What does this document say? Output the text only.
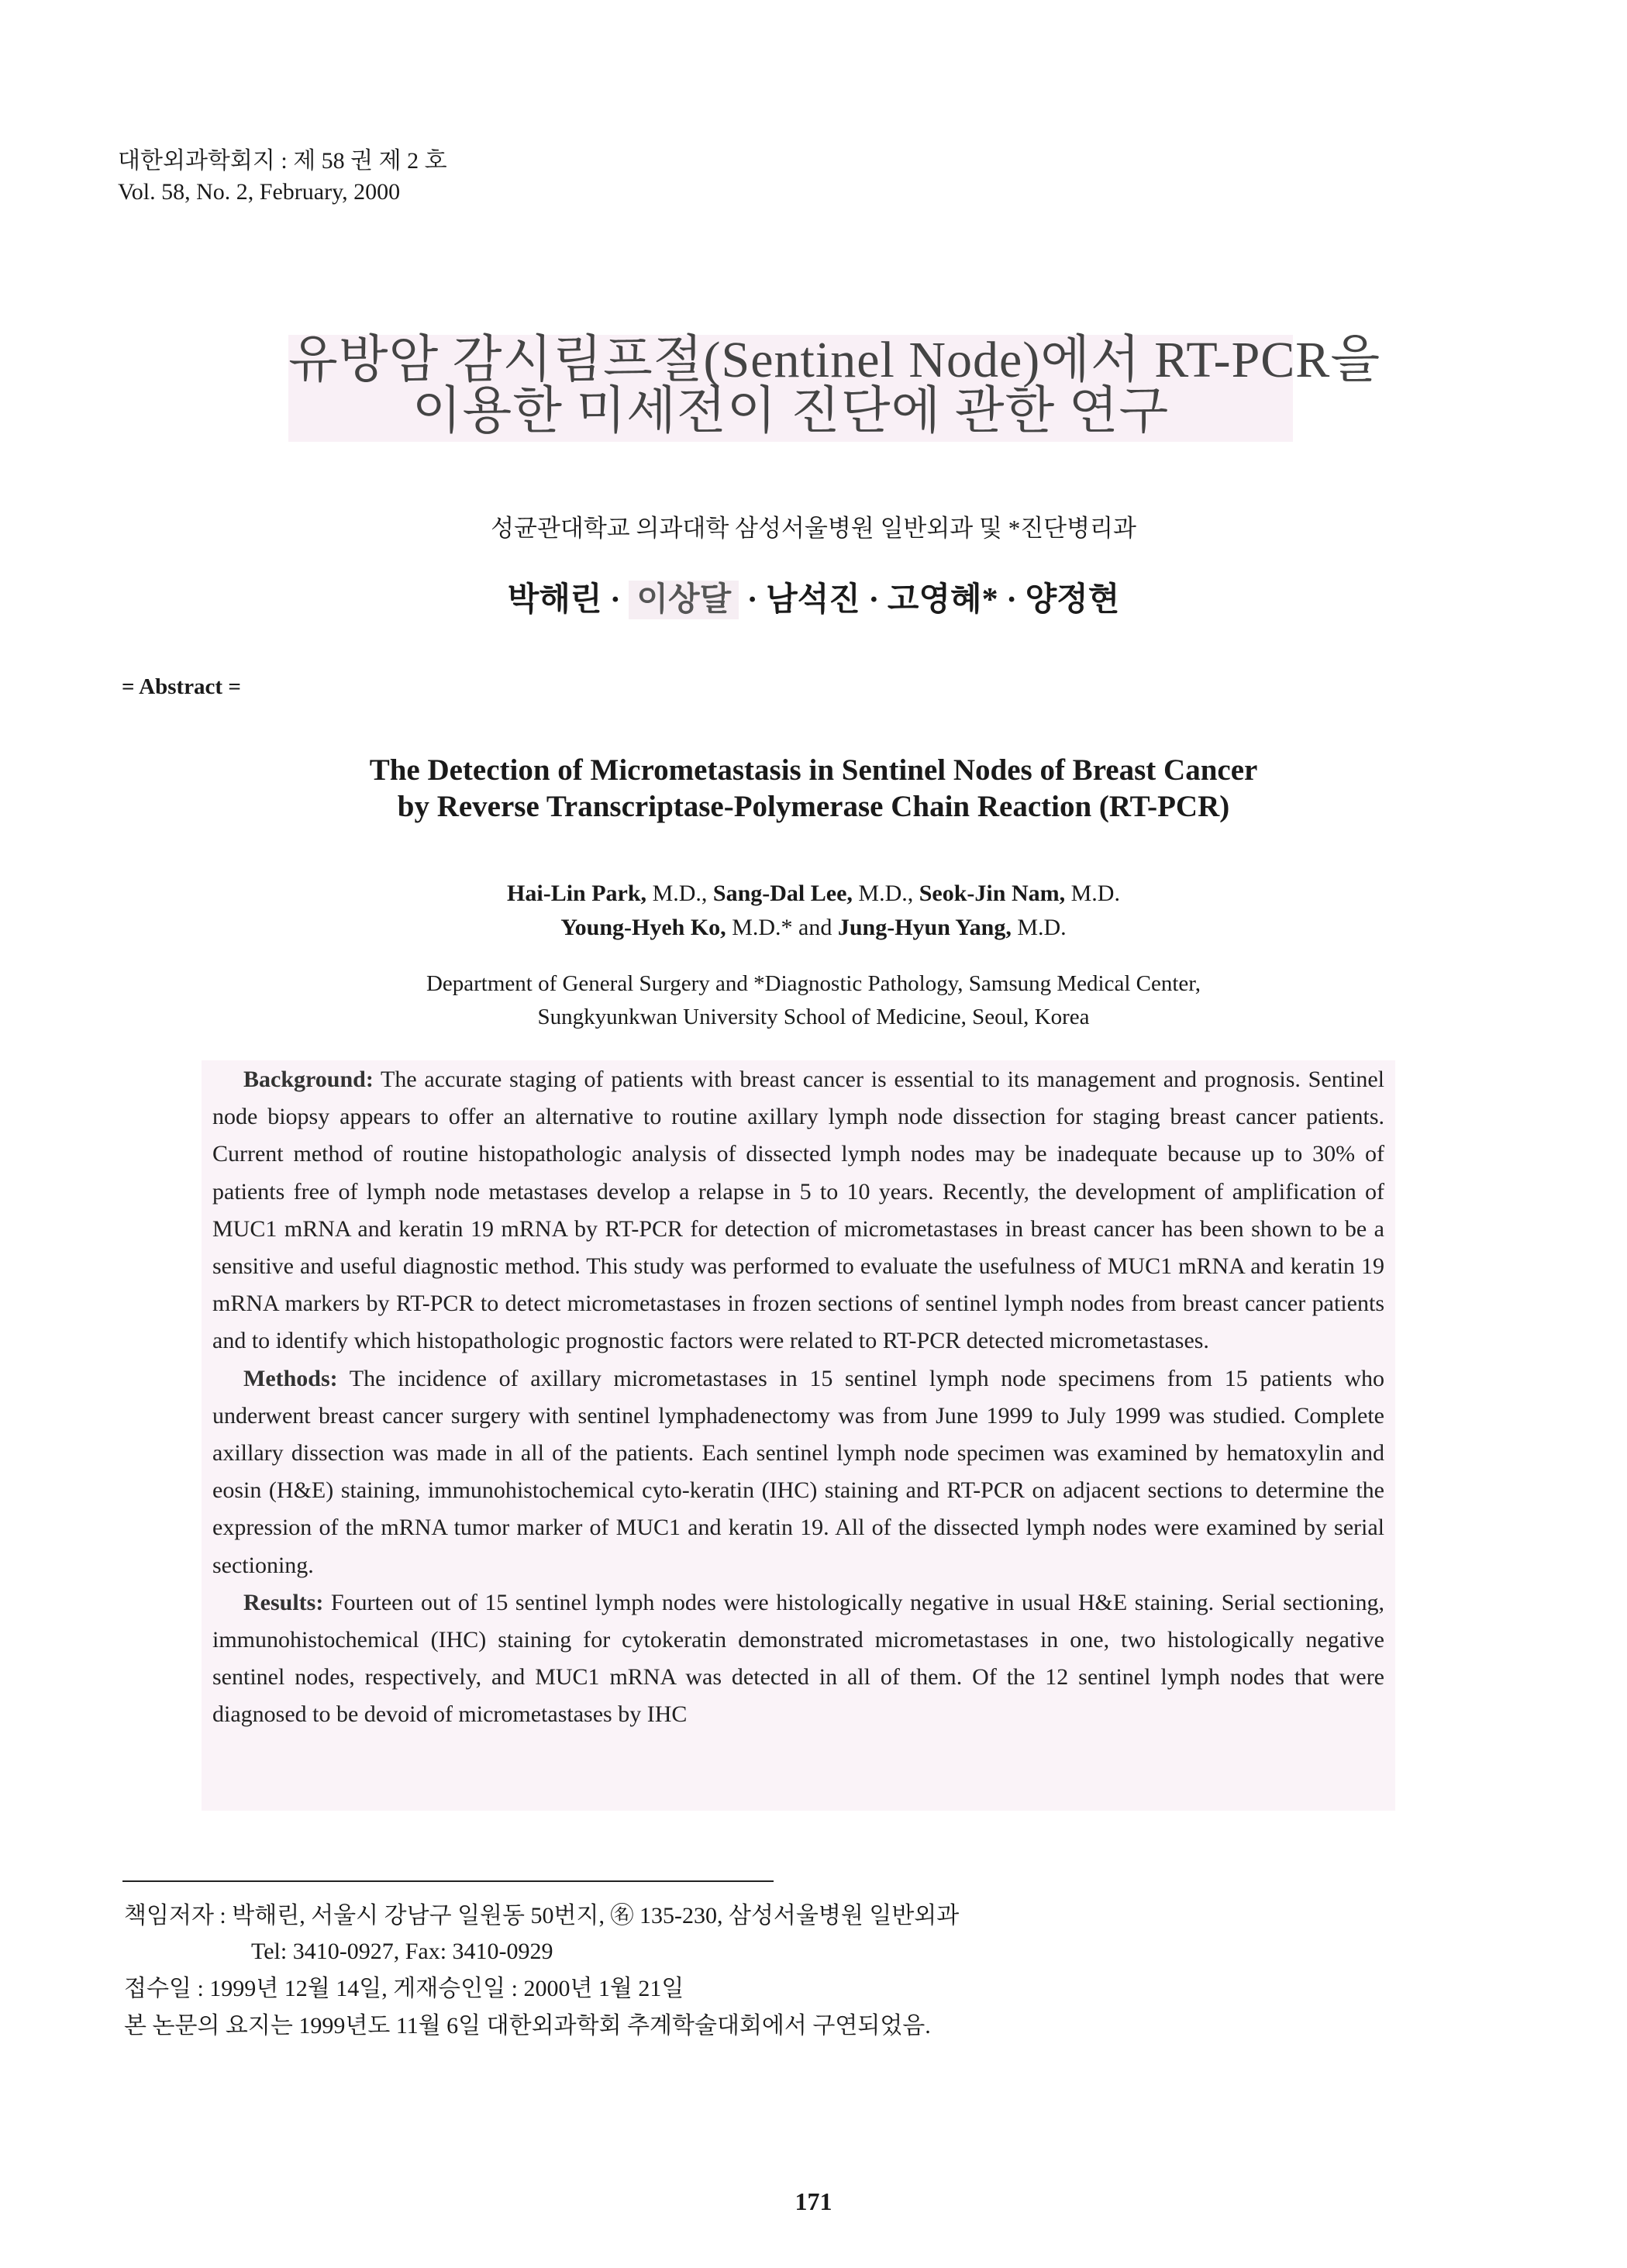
대한외과학회지 : 제 58 권 제 2 호
Vol. 58, No. 2, February, 2000
유방암 감시림프절(Sentinel Node)에서 RT-PCR을
이용한 미세전이 진단에 관한 연구
성균관대학교 의과대학 삼성서울병원 일반외과 및 *진단병리과
박해린 · 이상달 · 남석진 · 고영혜* · 양정현
= Abstract =
The Detection of Micrometastasis in Sentinel Nodes of Breast Cancer
by Reverse Transcriptase-Polymerase Chain Reaction (RT-PCR)
Hai-Lin Park, M.D., Sang-Dal Lee, M.D., Seok-Jin Nam, M.D.
Young-Hyeh Ko, M.D.* and Jung-Hyun Yang, M.D.
Department of General Surgery and *Diagnostic Pathology, Samsung Medical Center,
Sungkyunkwan University School of Medicine, Seoul, Korea

Background: The accurate staging of patients with breast cancer is essential to its management and prognosis. Sentinel node biopsy appears to offer an alternative to routine axillary lymph node dissection for staging breast cancer patients. Current method of routine histopathologic analysis of dissected lymph nodes may be inadequate because up to 30% of patients free of lymph node metastases develop a relapse in 5 to 10 years. Recently, the development of amplification of MUC1 mRNA and keratin 19 mRNA by RT-PCR for detection of micrometastases in breast cancer has been shown to be a sensitive and useful diagnostic method. This study was performed to evaluate the usefulness of MUC1 mRNA and keratin 19 mRNA markers by RT-PCR to detect micrometastases in frozen sections of sentinel lymph nodes from breast cancer patients and to identify which histopathologic prognostic factors were related to RT-PCR detected micrometastases.

Methods: The incidence of axillary micrometastases in 15 sentinel lymph node specimens from 15 patients who underwent breast cancer surgery with sentinel lymphadenectomy was from June 1999 to July 1999 was studied. Complete axillary dissection was made in all of the patients. Each sentinel lymph node specimen was examined by hematoxylin and eosin (H&E) staining, immunohistochemical cyto-keratin (IHC) staining and RT-PCR on adjacent sections to determine the expression of the mRNA tumor marker of MUC1 and keratin 19. All of the dissected lymph nodes were examined by serial sectioning.

Results: Fourteen out of 15 sentinel lymph nodes were histologically negative in usual H&E staining. Serial sectioning, immunohistochemical (IHC) staining for cytokeratin demonstrated micrometastases in one, two histologically negative sentinel nodes, respectively, and MUC1 mRNA was detected in all of them. Of the 12 sentinel lymph nodes that were diagnosed to be devoid of micrometastases by IHC

책임저자 : 박해린, 서울시 강남구 일원동 50번지, ㊔ 135-230, 삼성서울병원 일반외과
Tel: 3410-0927, Fax: 3410-0929
접수일 : 1999년 12월 14일, 게재승인일 : 2000년 1월 21일
본 논문의 요지는 1999년도 11월 6일 대한외과학회 추계학술대회에서 구연되었음.
171
